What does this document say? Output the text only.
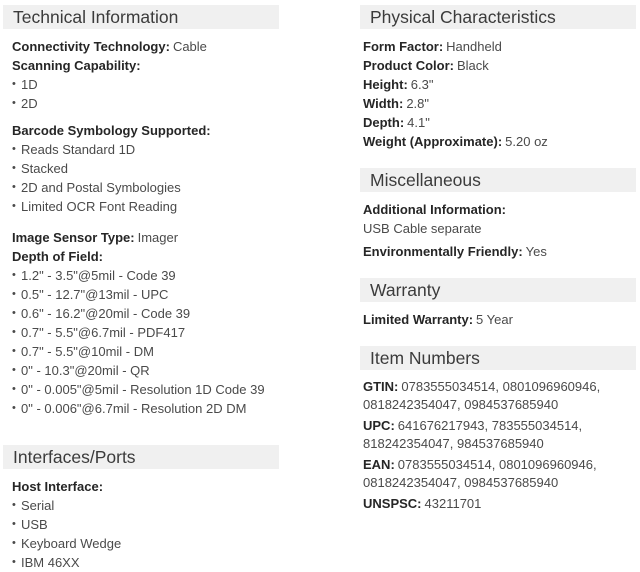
Technical Information
Connectivity Technology: Cable
Scanning Capability:
• 1D
• 2D
Barcode Symbology Supported:
• Reads Standard 1D
• Stacked
• 2D and Postal Symbologies
• Limited OCR Font Reading
Image Sensor Type: Imager
Depth of Field:
• 1.2" - 3.5"@5mil - Code 39
• 0.5" - 12.7"@13mil - UPC
• 0.6" - 16.2"@20mil - Code 39
• 0.7" - 5.5"@6.7mil - PDF417
• 0.7" - 5.5"@10mil - DM
• 0" - 10.3"@20mil - QR
• 0" - 0.005"@5mil - Resolution 1D Code 39
• 0" - 0.006"@6.7mil - Resolution 2D DM
Interfaces/Ports
Host Interface:
• Serial
• USB
• Keyboard Wedge
• IBM 46XX
Physical Characteristics
Form Factor: Handheld
Product Color: Black
Height: 6.3"
Width: 2.8"
Depth: 4.1"
Weight (Approximate): 5.20 oz
Miscellaneous
Additional Information:
USB Cable separate
Environmentally Friendly: Yes
Warranty
Limited Warranty: 5 Year
Item Numbers
GTIN: 0783555034514, 0801096960946, 0818242354047, 0984537685940
UPC: 641676217943, 783555034514, 818242354047, 984537685940
EAN: 0783555034514, 0801096960946, 0818242354047, 0984537685940
UNSPSC: 43211701
